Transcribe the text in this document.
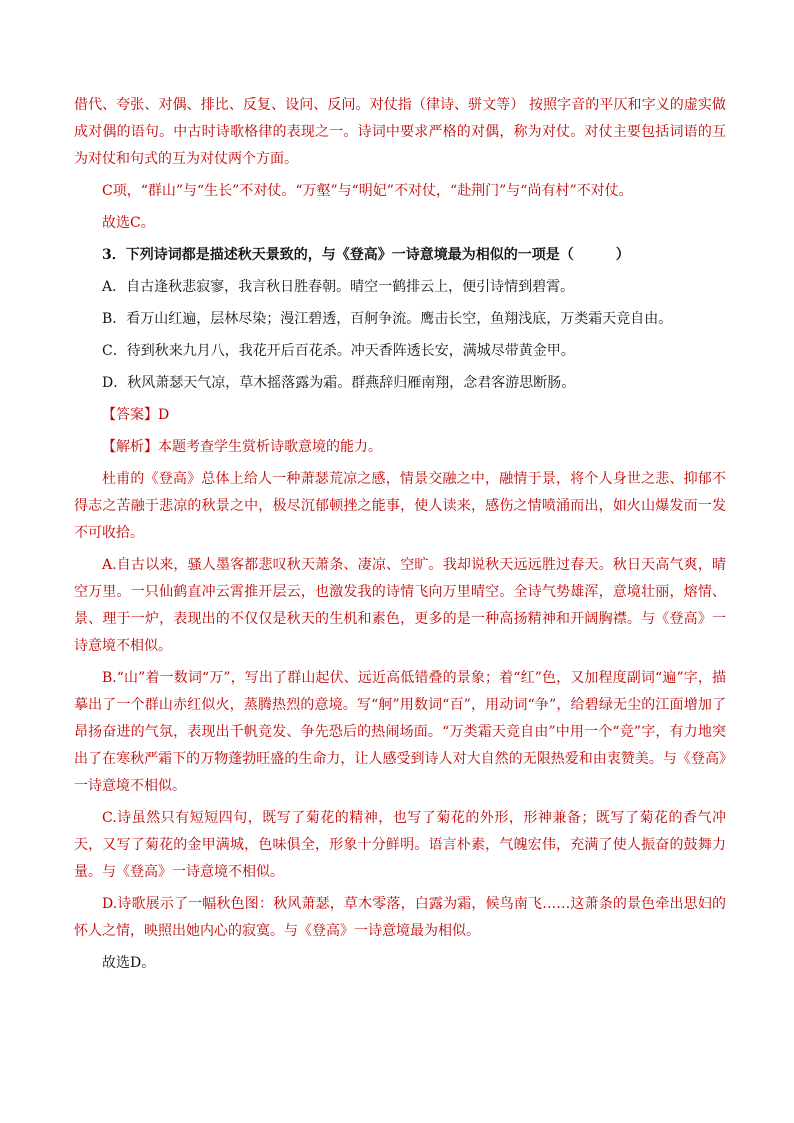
借代、夸张、对偶、排比、反复、设问、反问。对仗指（律诗、骈文等） 按照字音的平仄和字义的虚实做成对偶的语句。中古时诗歌格律的表现之一。诗词中要求严格的对偶，称为对仗。对仗主要包括词语的互为对仗和句式的互为对仗两个方面。

C项，“群山”与“生长”不对仗。“万壑”与“明妃”不对仗，“赴荆门”与“尚有村”不对仗。

故选C。

3．下列诗词都是描述秋天景致的，与《登高》一诗意境最为相似的一项是（　　　）

A．自古逢秋悲寂寥，我言秋日胜春朝。晴空一鹤排云上，便引诗情到碧霄。

B．看万山红遍，层林尽染；漫江碧透，百舸争流。鹰击长空，鱼翔浅底，万类霜天竞自由。

C．待到秋来九月八，我花开后百花杀。冲天香阵透长安，满城尽带黄金甲。

D．秋风萧瑟天气凉，草木摇落露为霜。群燕辞归雁南翔，念君客游思断肠。

【答案】D

【解析】本题考查学生赏析诗歌意境的能力。

杜甫的《登高》总体上给人一种萧瑟荒凉之感，情景交融之中，融情于景，将个人身世之悲、抑郁不得志之苦融于悲凉的秋景之中，极尽沉郁顿挫之能事，使人读来，感伤之情喷涌而出，如火山爆发而一发不可收拾。

A.自古以来，骚人墨客都悲叹秋天萧条、凄凉、空旷。我却说秋天远远胜过春天。秋日天高气爽，晴空万里。一只仙鹤直冲云霄推开层云，也激发我的诗情飞向万里晴空。全诗气势雄浑，意境壮丽，熔情、景、理于一炉，表现出的不仅仅是秋天的生机和素色，更多的是一种高扬精神和开阔胸襟。与《登高》一诗意境不相似。

B.“山”着一数词“万”，写出了群山起伏、远近高低错叠的景象；着“红”色，又加程度副词“遍”字，描摹出了一个群山赤红似火，蒸腾热烈的意境。写“舸”用数词“百”，用动词“争”，给碧绿无尘的江面增加了昂扬奋进的气氛，表现出千帆竞发、争先恐后的热闹场面。“万类霜天竞自由”中用一个“竞”字，有力地突出了在寒秋严霜下的万物蓬勃旺盛的生命力，让人感受到诗人对大自然的无限热爱和由衷赞美。与《登高》一诗意境不相似。

C.诗虽然只有短短四句，既写了菊花的精神，也写了菊花的外形，形神兼备；既写了菊花的香气冲天，又写了菊花的金甲满城，色味俱全，形象十分鲜明。语言朴素，气魄宏伟，充满了使人振奋的鼓舞力量。与《登高》一诗意境不相似。

D.诗歌展示了一幅秋色图：秋风萧瑟，草木零落，白露为霜，候鸟南飞……这萧条的景色牵出思妇的怀人之情，映照出她内心的寂寞。与《登高》一诗意境最为相似。

故选D。
